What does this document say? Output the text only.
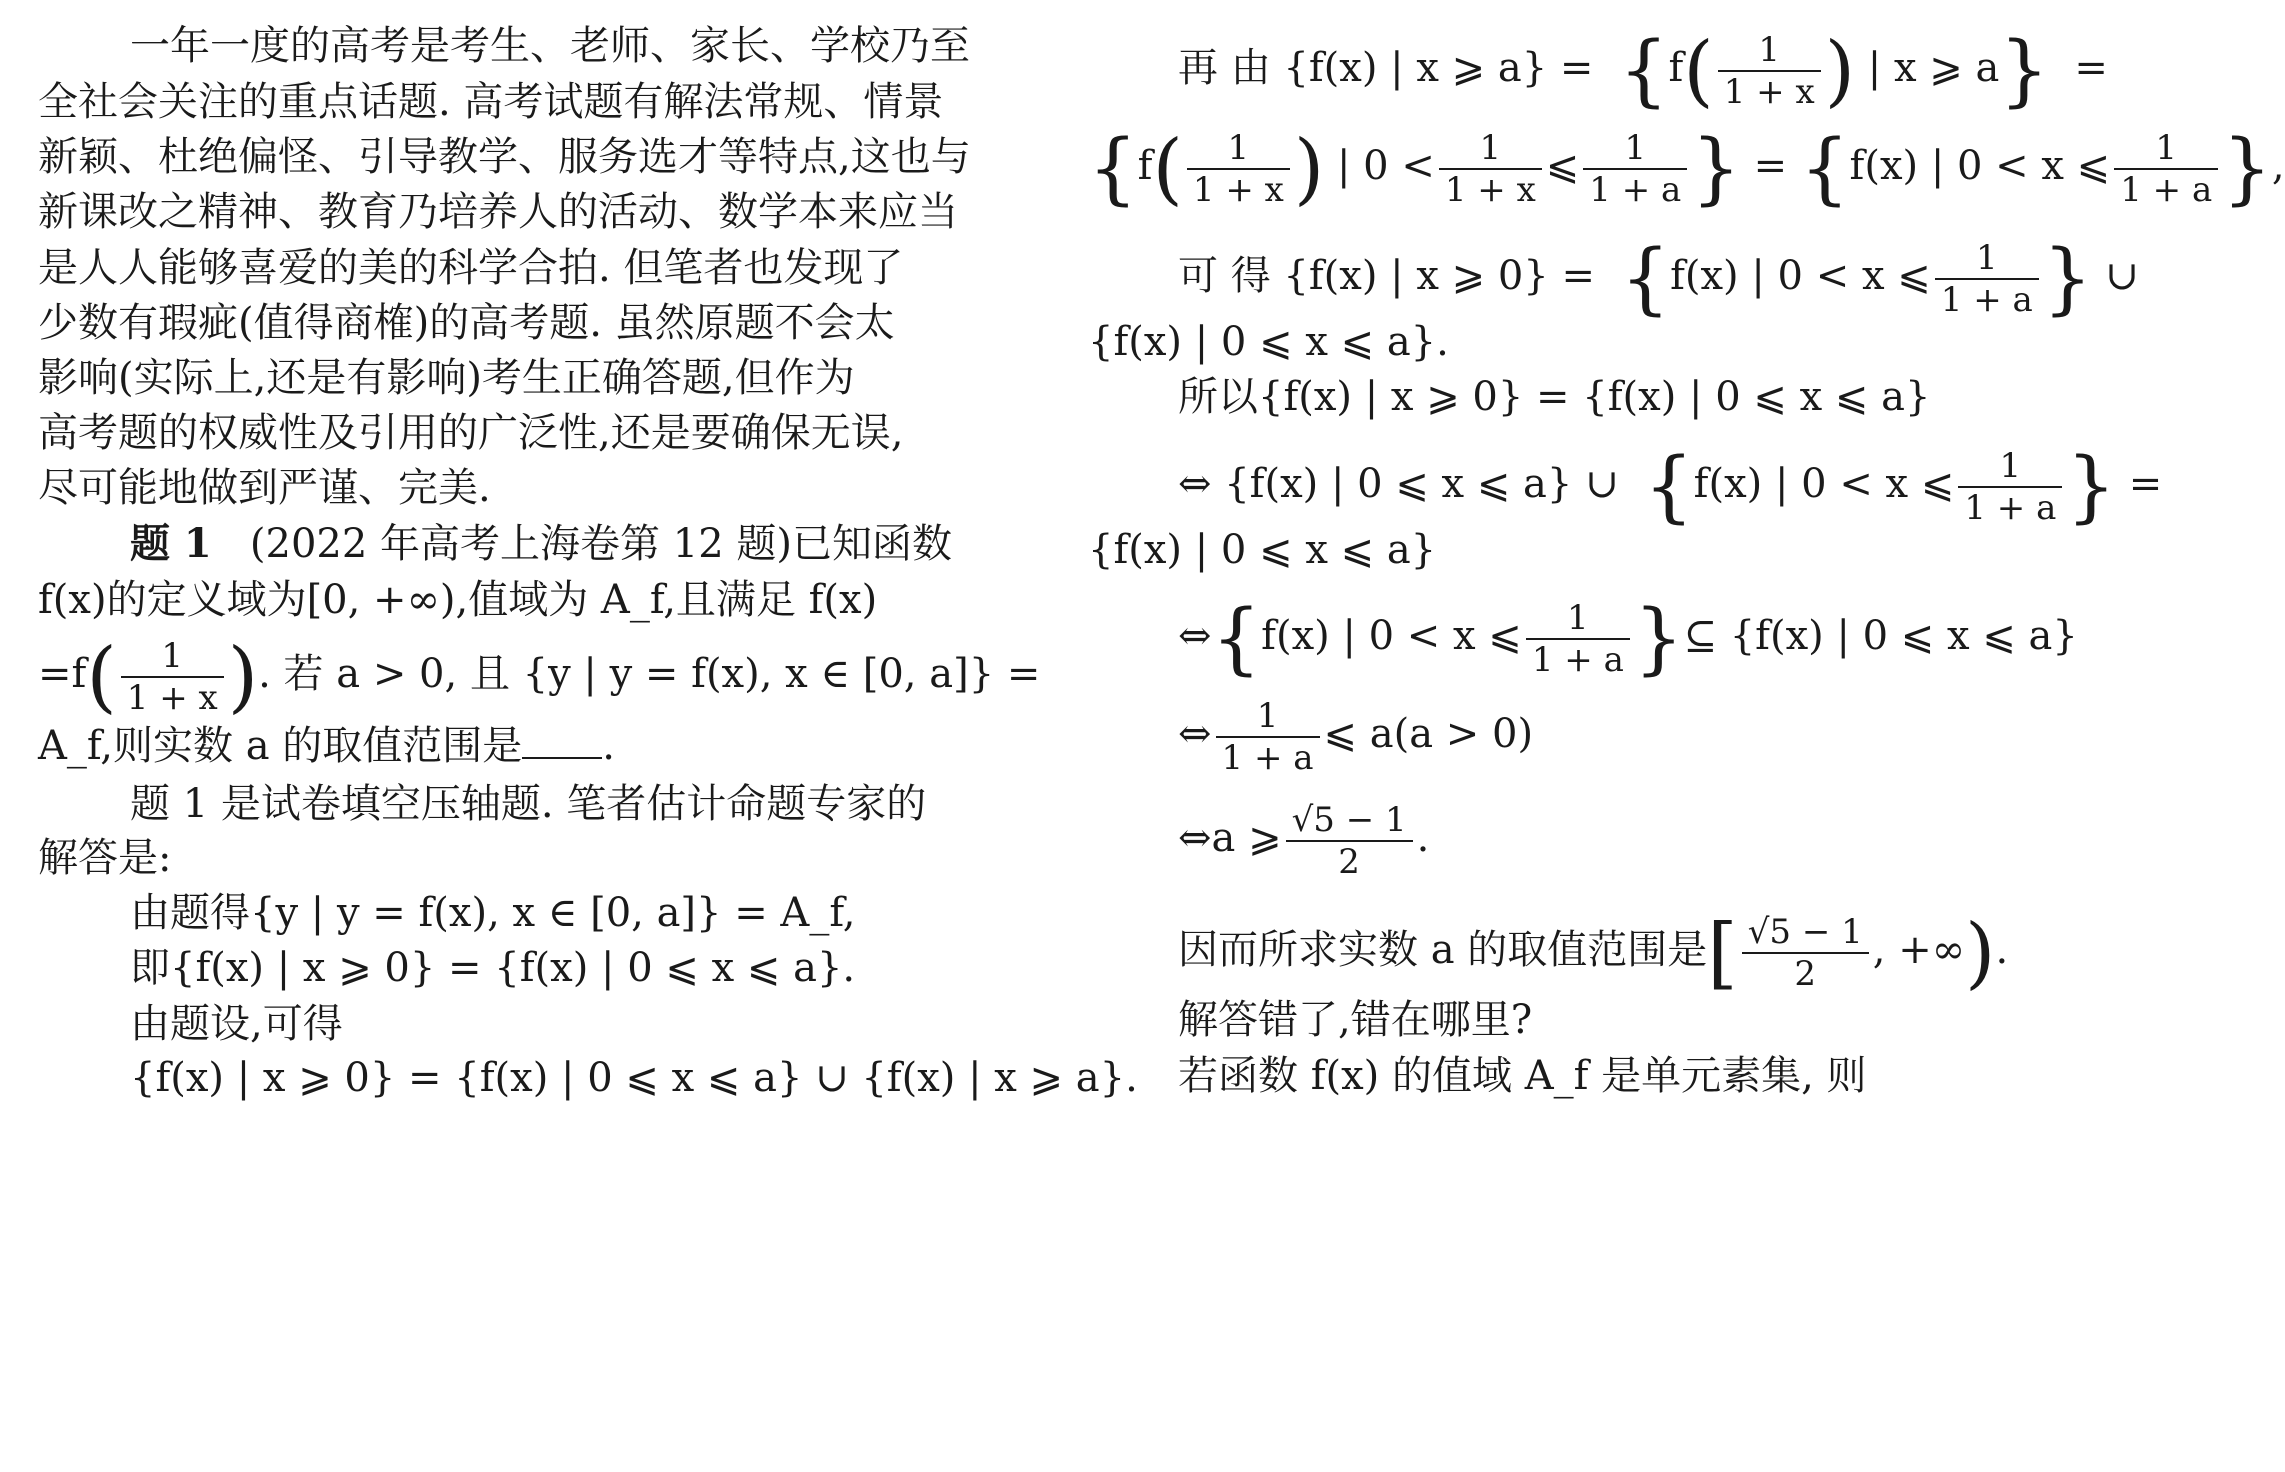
一年一度的高考是考生、老师、家长、学校乃至
全社会关注的重点话题. 高考试题有解法常规、情景
新颖、杜绝偏怪、引导教学、服务选才等特点,这也与
新课改之精神、教育乃培养人的活动、数学本来应当
是人人能够喜爱的美的科学合拍. 但笔者也发现了
少数有瑕疵(值得商榷)的高考题. 虽然原题不会太
影响(实际上,还是有影响)考生正确答题,但作为
高考题的权威性及引用的广泛性,还是要确保无误,
尽可能地做到严谨、完美.
题 1 (2022 年高考上海卷第 12 题)已知函数
f(x)的定义域为[0, +∞),值域为 A_f,且满足 f(x)
$=f( \frac{1}{1 + x}$ ). 若 a > 0, 且 {y | y = f(x), x ∈ [0, a]} =
A_f,则实数 a 的取值范围是 .
题 1 是试卷填空压轴题. 笔者估计命题专家的
解答是:
由题得{y | y = f(x), x ∈ [0, a]} = A_f,
即{f(x) | x ⩾ 0} = {f(x) | 0 ⩽ x ⩽ a}.
由题设,可得
{f(x) | x ⩾ 0} = {f(x) | 0 ⩽ x ⩽ a} ∪ {f(x) | x ⩾ a}.
再 由 {f(x) | x ⩾ $a\} = \{f( \frac{1}{1 + x}$ ) | x ⩾ a} =
{$f( \frac{1}{1 + x}$ ) | $0 < \frac{1}{1 + x}$ ⩽ $\frac{1}{1 + a}$ } = {f(x) | 0 < x ⩽ $\frac{1}{1 + a}$ },
可 得 {f(x) | x ⩾ 0} = {f(x) | 0 < x ⩽ $\frac{1}{1 + a}$ } ∪
{f(x) | 0 ⩽ x ⩽ a}.
所以{f(x) | x ⩾ 0} = {f(x) | 0 ⩽ x ⩽ a}
⇔ {f(x) | 0 ⩽ x ⩽ a} ∪ {f(x) | 0 < x ⩽ $\frac{1}{1 + a}$ } =
{f(x) | 0 ⩽ x ⩽ a}
⇔{f(x) | 0 < x ⩽ $\frac{1}{1 + a}$ }⊆ {f(x) | 0 ⩽ x ⩽ a}
⇔ $\frac{1}{1 + a}$ ⩽ a(a > 0)
⇔a ⩾ $\frac{√5 - 1}{2}$ .
因而所求实数 a 的取值范围是[ $\frac{√5 - 1}{2}$ , +∞).
解答错了,错在哪里?
若函数 f(x) 的值域 A_f 是单元素集, 则
